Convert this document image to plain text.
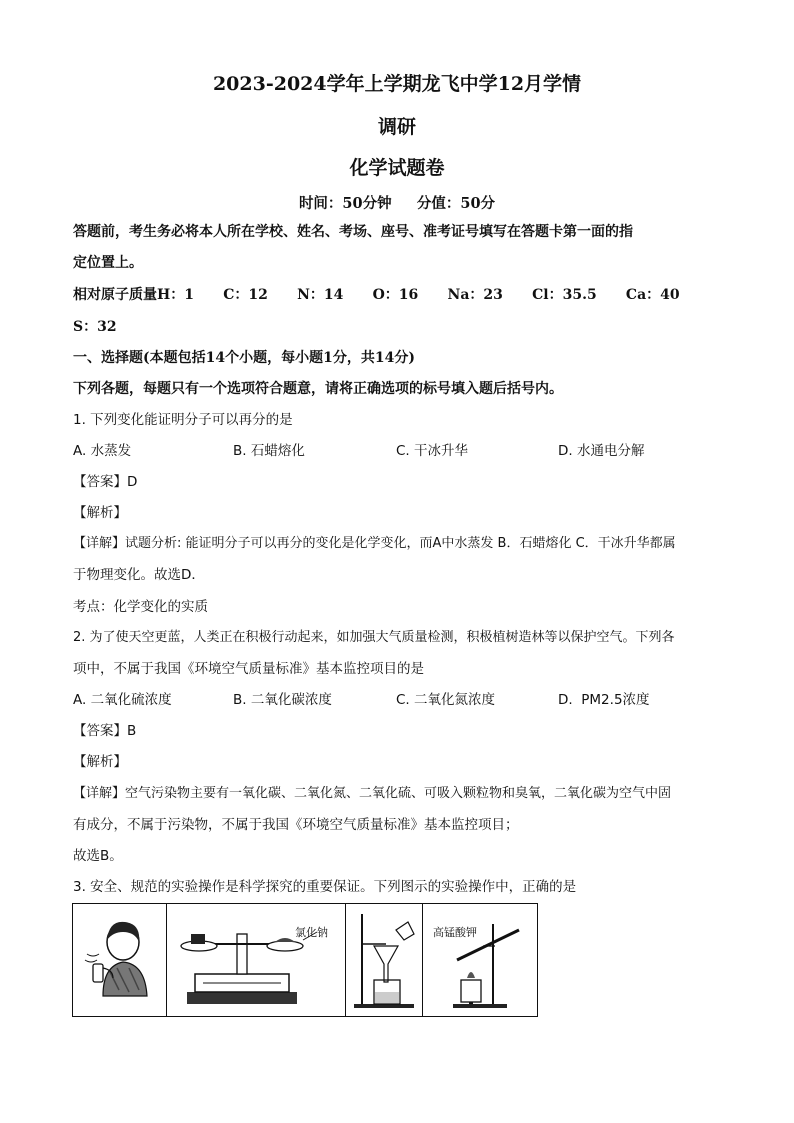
2023-2024学年上学期龙飞中学12月学情
调研
化学试题卷
时间：50分钟     分值：50分
答题前，考生务必将本人所在学校、姓名、考场、座号、准考证号填写在答题卡第一面的指
定位置上。
相对原子质量H：1      C：12      N：14      O：16      Na：23      Cl：35.5      Ca：40
S：32
一、选择题(本题包括14个小题，每小题1分，共14分)
下列各题，每题只有一个选项符合题意，请将正确选项的标号填入题后括号内。
1. 下列变化能证明分子可以再分的是
A. 水蒸发	B. 石蜡熔化	C. 干冰升华	D. 水通电分解
【答案】D
【解析】
【详解】试题分析: 能证明分子可以再分的变化是化学变化，而A中水蒸发 B．石蜡熔化 C．干冰升华都属
于物理变化。故选D．
考点：化学变化的实质
2. 为了使天空更蓝，人类正在积极行动起来，如加强大气质量检测，积极植树造林等以保护空气。下列各
项中，不属于我国《环境空气质量标准》基本监控项目的是
A. 二氧化硫浓度	B. 二氧化碳浓度	C. 二氧化氮浓度	D.  PM2.5浓度
【答案】B
【解析】
【详解】空气污染物主要有一氧化碳、二氧化氮、二氧化硫、可吸入颗粒物和臭氧，二氧化碳为空气中固
有成分，不属于污染物，不属于我国《环境空气质量标准》基本监控项目；
故选B。
3. 安全、规范的实验操作是科学探究的重要保证。下列图示的实验操作中，正确的是
氯化钠	高锰酸钾
